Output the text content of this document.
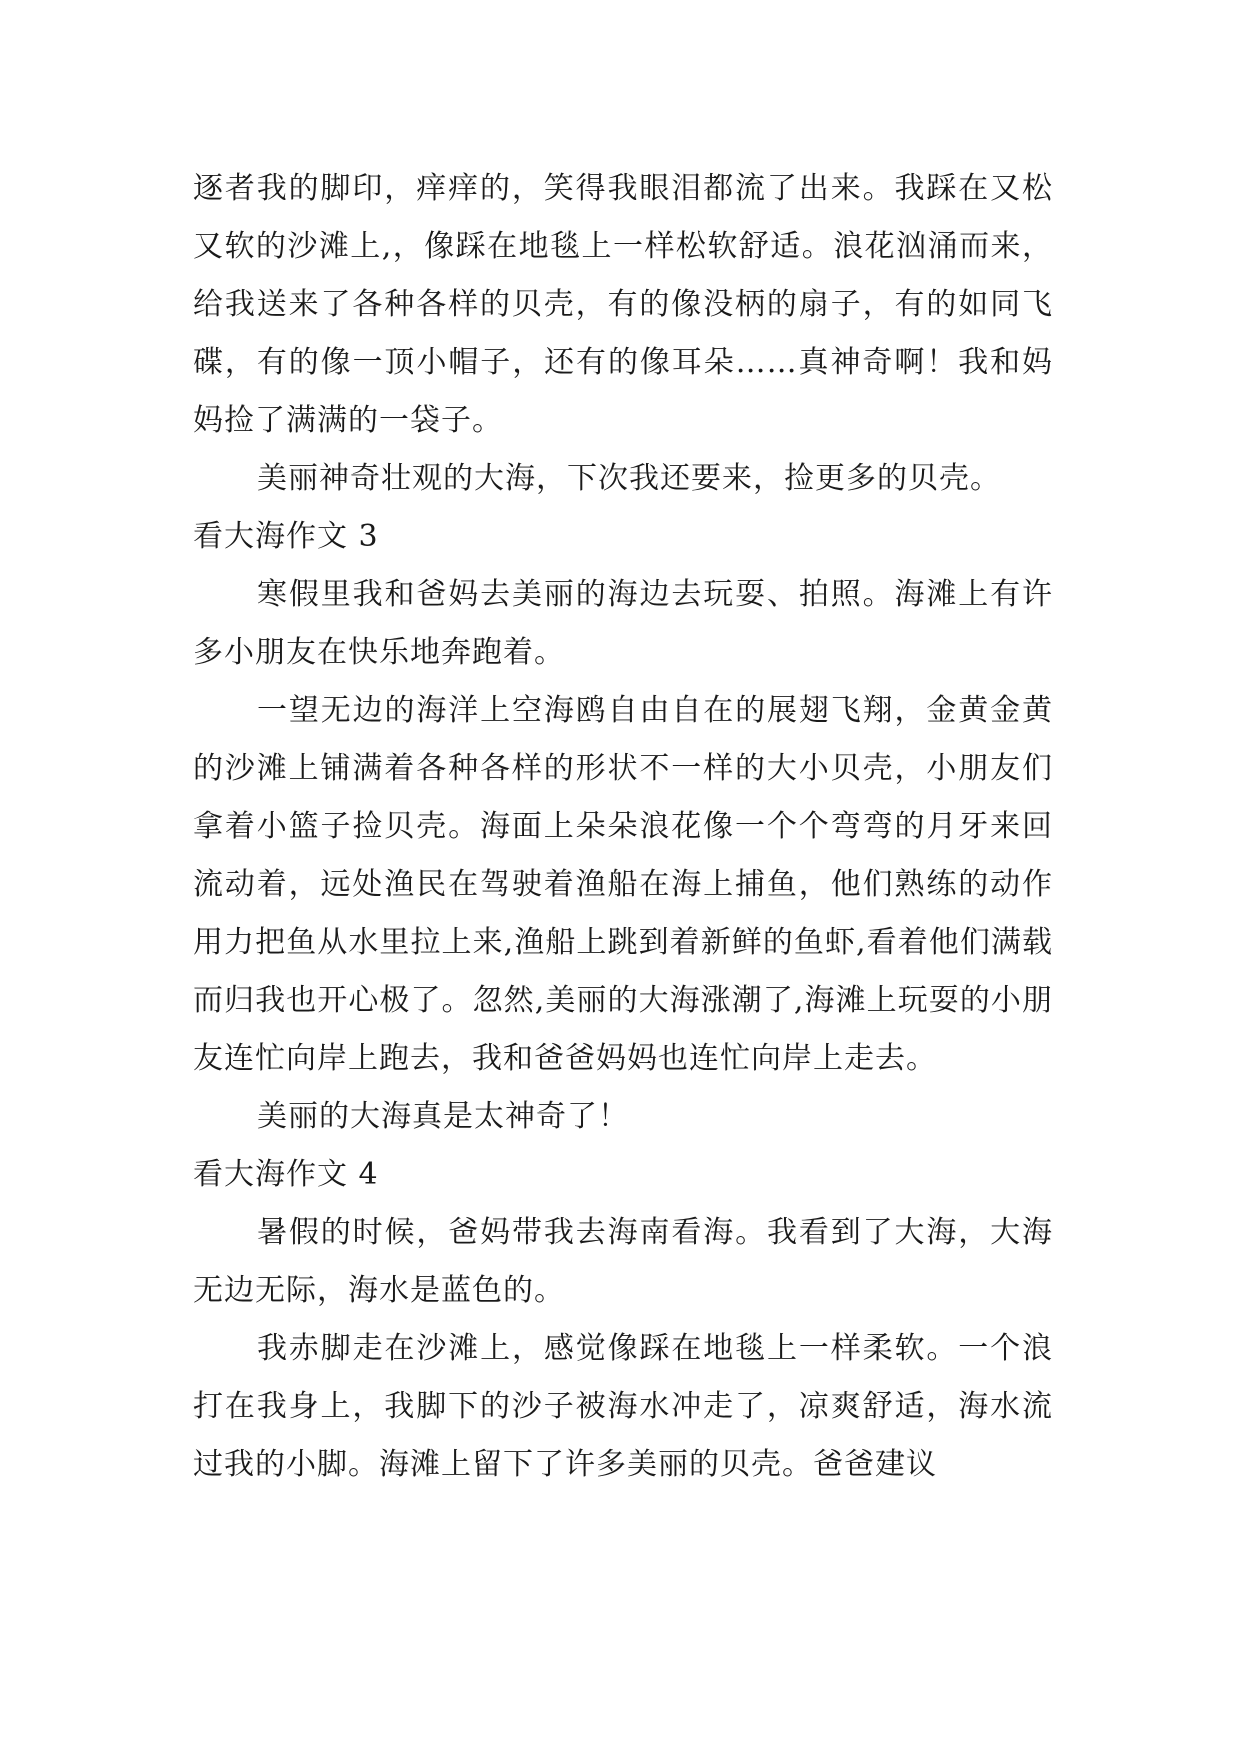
逐者我的脚印，痒痒的，笑得我眼泪都流了出来。我踩在又松又软的沙滩上,，像踩在地毯上一样松软舒适。浪花汹涌而来，给我送来了各种各样的贝壳，有的像没柄的扇子，有的如同飞碟，有的像一顶小帽子，还有的像耳朵……真神奇啊！我和妈妈捡了满满的一袋子。

美丽神奇壮观的大海，下次我还要来，捡更多的贝壳。

看大海作文 3

寒假里我和爸妈去美丽的海边去玩耍、拍照。海滩上有许多小朋友在快乐地奔跑着。

一望无边的海洋上空海鸥自由自在的展翅飞翔，金黄金黄的沙滩上铺满着各种各样的形状不一样的大小贝壳，小朋友们拿着小篮子捡贝壳。海面上朵朵浪花像一个个弯弯的月牙来回流动着，远处渔民在驾驶着渔船在海上捕鱼，他们熟练的动作用力把鱼从水里拉上来,渔船上跳到着新鲜的鱼虾,看着他们满载而归我也开心极了。忽然,美丽的大海涨潮了,海滩上玩耍的小朋友连忙向岸上跑去，我和爸爸妈妈也连忙向岸上走去。

美丽的大海真是太神奇了！

看大海作文 4

暑假的时候，爸妈带我去海南看海。我看到了大海，大海无边无际，海水是蓝色的。

我赤脚走在沙滩上，感觉像踩在地毯上一样柔软。一个浪打在我身上，我脚下的沙子被海水冲走了，凉爽舒适，海水流过我的小脚。海滩上留下了许多美丽的贝壳。爸爸建议
